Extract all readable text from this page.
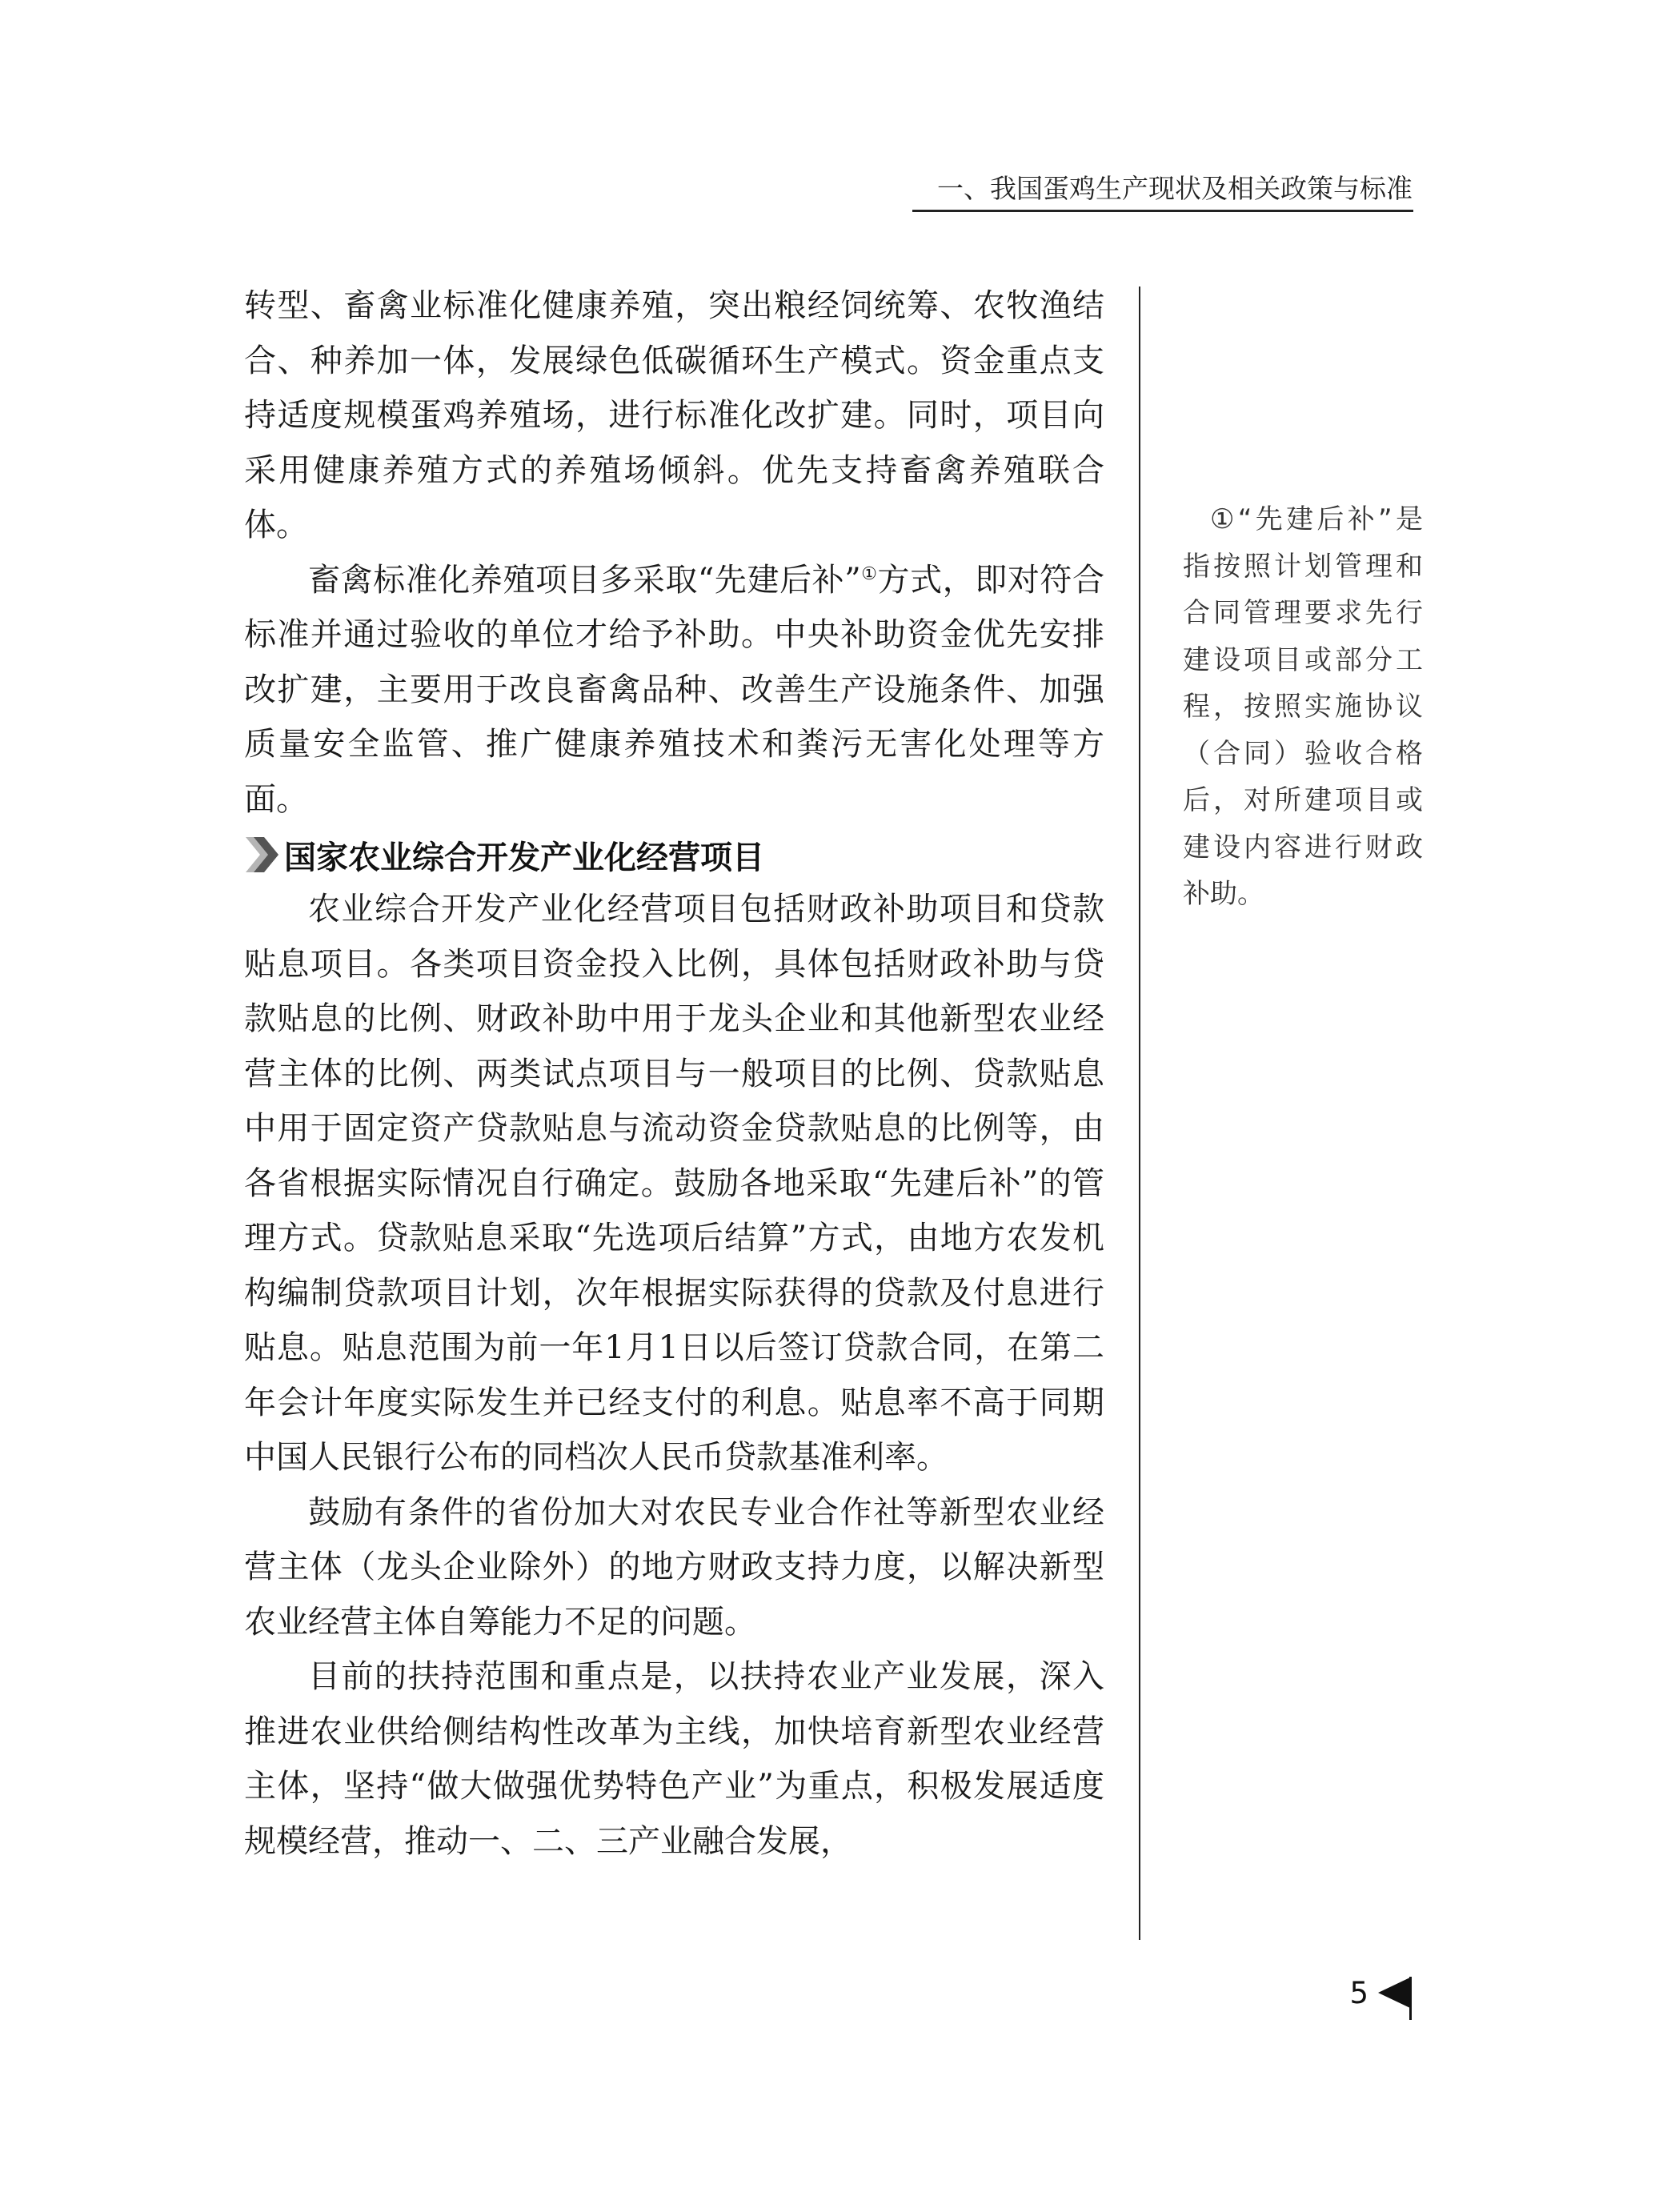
一、我国蛋鸡生产现状及相关政策与标准

转型、畜禽业标准化健康养殖，突出粮经饲统筹、农牧渔结合、种养加一体，发展绿色低碳循环生产模式。资金重点支持适度规模蛋鸡养殖场，进行标准化改扩建。同时，项目向采用健康养殖方式的养殖场倾斜。优先支持畜禽养殖联合体。

畜禽标准化养殖项目多采取“先建后补”①方式，即对符合标准并通过验收的单位才给予补助。中央补助资金优先安排改扩建，主要用于改良畜禽品种、改善生产设施条件、加强质量安全监管、推广健康养殖技术和粪污无害化处理等方面。

国家农业综合开发产业化经营项目

农业综合开发产业化经营项目包括财政补助项目和贷款贴息项目。各类项目资金投入比例，具体包括财政补助与贷款贴息的比例、财政补助中用于龙头企业和其他新型农业经营主体的比例、两类试点项目与一般项目的比例、贷款贴息中用于固定资产贷款贴息与流动资金贷款贴息的比例等，由各省根据实际情况自行确定。鼓励各地采取“先建后补”的管理方式。贷款贴息采取“先选项后结算”方式，由地方农发机构编制贷款项目计划，次年根据实际获得的贷款及付息进行贴息。贴息范围为前一年1月1日以后签订贷款合同，在第二年会计年度实际发生并已经支付的利息。贴息率不高于同期中国人民银行公布的同档次人民币贷款基准利率。

鼓励有条件的省份加大对农民专业合作社等新型农业经营主体（龙头企业除外）的地方财政支持力度，以解决新型农业经营主体自筹能力不足的问题。

目前的扶持范围和重点是，以扶持农业产业发展，深入推进农业供给侧结构性改革为主线，加快培育新型农业经营主体，坚持“做大做强优势特色产业”为重点，积极发展适度规模经营，推动一、二、三产业融合发展，

①“先建后补”是指按照计划管理和合同管理要求先行建设项目或部分工程，按照实施协议（合同）验收合格后，对所建项目或建设内容进行财政补助。

5
